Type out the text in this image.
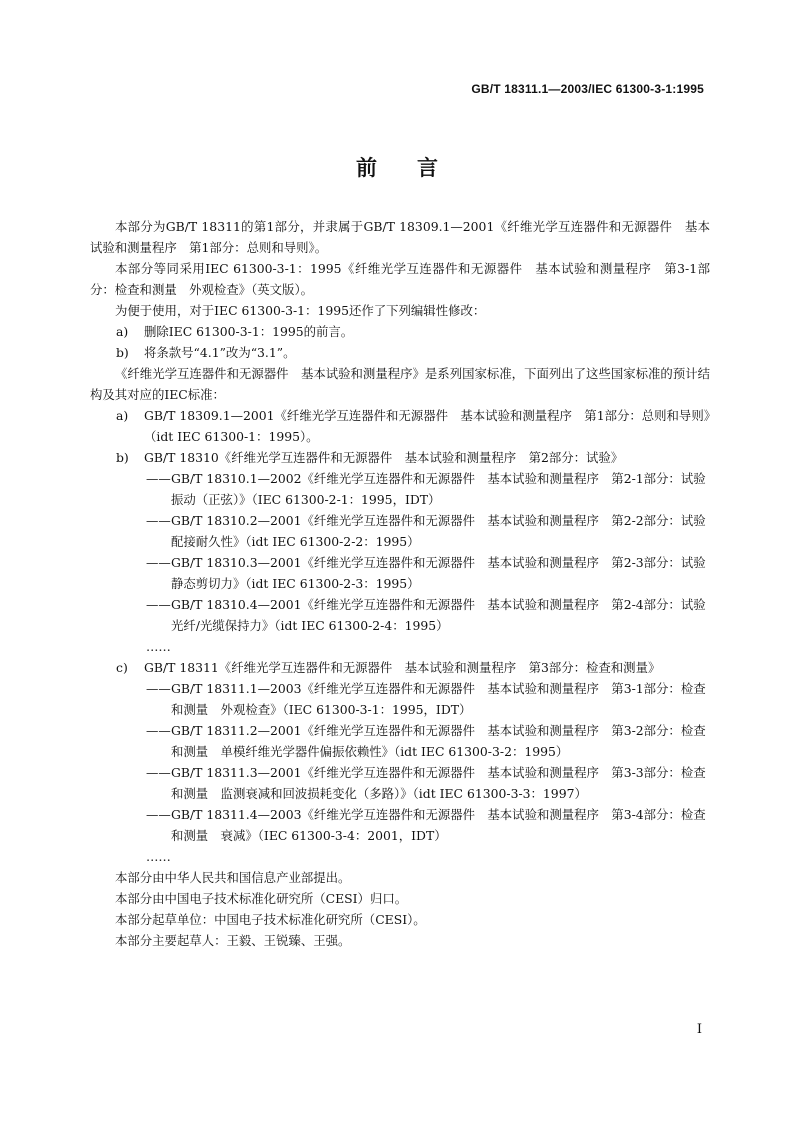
GB/T 18311.1—2003/IEC 61300-3-1:1995
前言

本部分为GB/T 18311的第1部分，并隶属于GB/T 18309.1—2001《纤维光学互连器件和无源器件　基本试验和测量程序　第1部分：总则和导则》。

本部分等同采用IEC 61300-3-1：1995《纤维光学互连器件和无源器件　基本试验和测量程序　第3-1部分：检查和测量　外观检查》（英文版）。

为便于使用，对于IEC 61300-3-1：1995还作了下列编辑性修改：

a) 删除IEC 61300-3-1：1995的前言。

b) 将条款号“4.1”改为“3.1”。

《纤维光学互连器件和无源器件　基本试验和测量程序》是系列国家标准，下面列出了这些国家标准的预计结构及其对应的IEC标准：

a) GB/T 18309.1—2001《纤维光学互连器件和无源器件　基本试验和测量程序　第1部分：总则和导则》（idt IEC 61300-1：1995）。

b) GB/T 18310《纤维光学互连器件和无源器件　基本试验和测量程序　第2部分：试验》

—— GB/T 18310.1—2002《纤维光学互连器件和无源器件　基本试验和测量程序　第2-1部分：试验　振动（正弦）》（IEC 61300-2-1：1995，IDT）

—— GB/T 18310.2—2001《纤维光学互连器件和无源器件　基本试验和测量程序　第2-2部分：试验　配接耐久性》（idt IEC 61300-2-2：1995）

—— GB/T 18310.3—2001《纤维光学互连器件和无源器件　基本试验和测量程序　第2-3部分：试验　静态剪切力》（idt IEC 61300-2-3：1995）

—— GB/T 18310.4—2001《纤维光学互连器件和无源器件　基本试验和测量程序　第2-4部分：试验　光纤/光缆保持力》（idt IEC 61300-2-4：1995）

……

c) GB/T 18311《纤维光学互连器件和无源器件　基本试验和测量程序　第3部分：检查和测量》

—— GB/T 18311.1—2003《纤维光学互连器件和无源器件　基本试验和测量程序　第3-1部分：检查和测量　外观检查》（IEC 61300-3-1：1995，IDT）

—— GB/T 18311.2—2001《纤维光学互连器件和无源器件　基本试验和测量程序　第3-2部分：检查和测量　单模纤维光学器件偏振依赖性》（idt IEC 61300-3-2：1995）

—— GB/T 18311.3—2001《纤维光学互连器件和无源器件　基本试验和测量程序　第3-3部分：检查和测量　监测衰减和回波损耗变化（多路）》（idt IEC 61300-3-3：1997）

—— GB/T 18311.4—2003《纤维光学互连器件和无源器件　基本试验和测量程序　第3-4部分：检查和测量　衰减》（IEC 61300-3-4：2001，IDT）

……

本部分由中华人民共和国信息产业部提出。

本部分由中国电子技术标准化研究所（CESI）归口。

本部分起草单位：中国电子技术标准化研究所（CESI）。

本部分主要起草人：王毅、王锐臻、王强。

I
